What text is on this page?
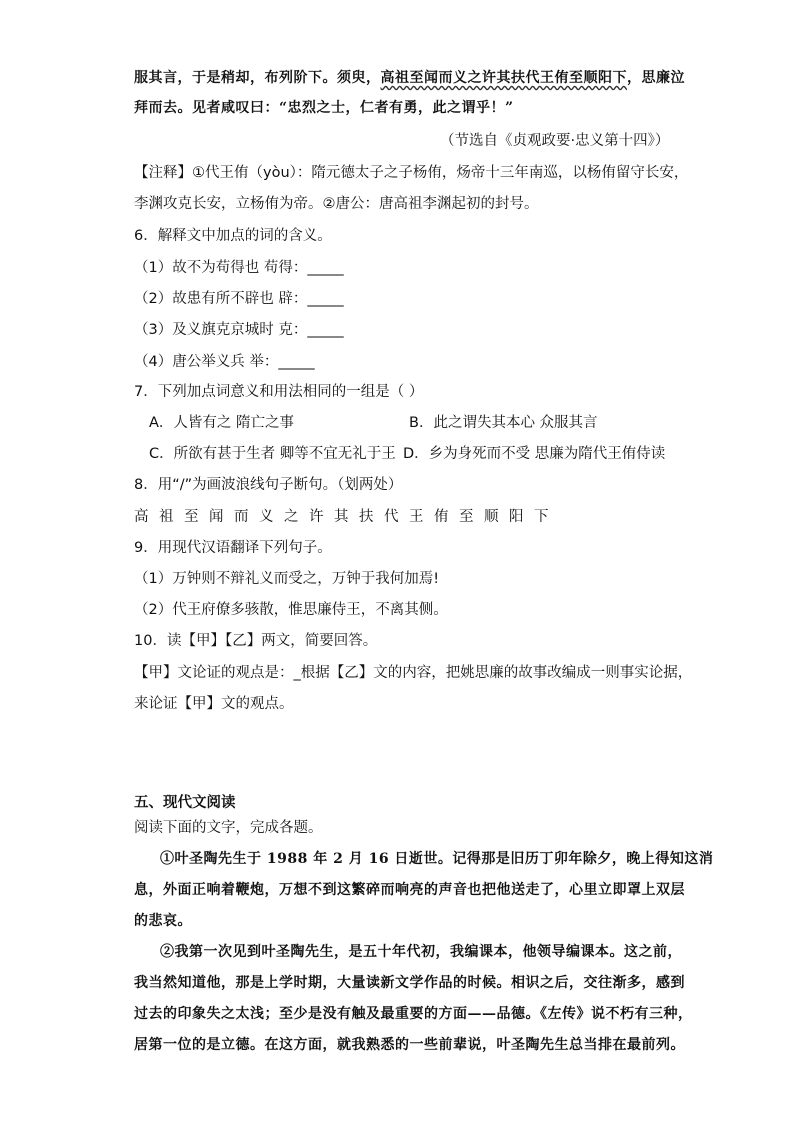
服其言，于是稍却，布列阶下。须臾，高祖至闻而义之许其扶代王侑至顺阳下，思廉泣
拜而去。见者咸叹曰：“忠烈之士，仁者有勇，此之谓乎！”
（节选自《贞观政要·忠义第十四》）
【注释】①代王侑（yòu）：隋元德太子之子杨侑，炀帝十三年南巡，以杨侑留守长安，
李渊攻克长安，立杨侑为帝。②唐公：唐高祖李渊起初的封号。
6．解释文中加点的词的含义。
（1）故不为苟得也 苟得：_____
（2）故患有所不辟也 辟：_____
（3）及义旗克京城时 克：_____
（4）唐公举义兵 举：_____
7．下列加点词意义和用法相同的一组是（ ）
A．人皆有之 隋亡之事	B．此之谓失其本心 众服其言
C．所欲有甚于生者 卿等不宜无礼于王 D．乡为身死而不受 思廉为隋代王侑侍读
8．用“/”为画波浪线句子断句。（划两处）
高祖至闻而义之许其扶代王侑至顺阳下
9．用现代汉语翻译下列句子。
（1）万钟则不辩礼义而受之，万钟于我何加焉!
（2）代王府僚多骇散，惟思廉侍王，不离其侧。
10．读【甲】【乙】两文，简要回答。
【甲】文论证的观点是：_根据【乙】文的内容，把姚思廉的故事改编成一则事实论据，
来论证【甲】文的观点。
五、现代文阅读
阅读下面的文字，完成各题。
①叶圣陶先生于 1988 年 2 月 16 日逝世。记得那是旧历丁卯年除夕，晚上得知这消
息，外面正响着鞭炮，万想不到这繁碎而响亮的声音也把他送走了，心里立即罩上双层
的悲哀。
②我第一次见到叶圣陶先生，是五十年代初，我编课本，他领导编课本。这之前，
我当然知道他，那是上学时期，大量读新文学作品的时候。相识之后，交往渐多，感到
过去的印象失之太浅；至少是没有触及最重要的方面——品德。《左传》说不朽有三种，
居第一位的是立德。在这方面，就我熟悉的一些前辈说，叶圣陶先生总当排在最前列。
